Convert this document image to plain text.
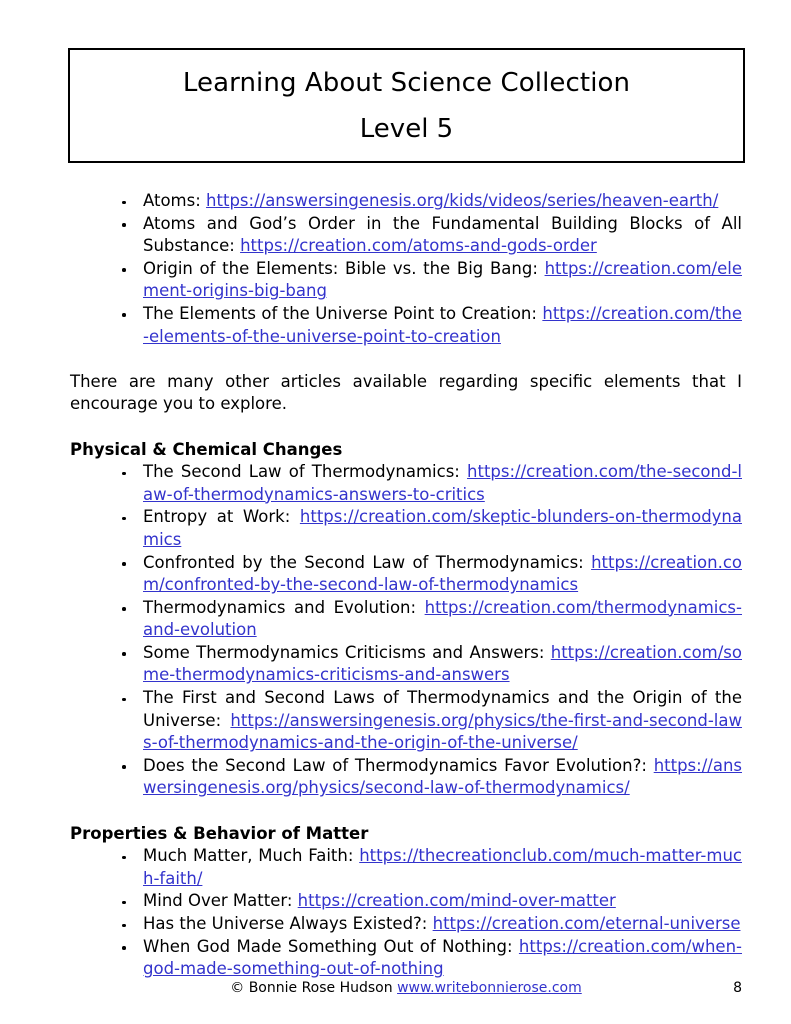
Learning About Science Collection
Level 5
Atoms: https://answersingenesis.org/kids/videos/series/heaven-earth/
Atoms and God’s Order in the Fundamental Building Blocks of All Substance: https://creation.com/atoms-and-gods-order
Origin of the Elements: Bible vs. the Big Bang: https://creation.com/element-origins-big-bang
The Elements of the Universe Point to Creation: https://creation.com/the-elements-of-the-universe-point-to-creation

There are many other articles available regarding specific elements that I encourage you to explore.

Physical & Chemical Changes
The Second Law of Thermodynamics: https://creation.com/the-second-law-of-thermodynamics-answers-to-critics
Entropy at Work: https://creation.com/skeptic-blunders-on-thermodynamics
Confronted by the Second Law of Thermodynamics: https://creation.com/confronted-by-the-second-law-of-thermodynamics
Thermodynamics and Evolution: https://creation.com/thermodynamics-and-evolution
Some Thermodynamics Criticisms and Answers: https://creation.com/some-thermodynamics-criticisms-and-answers
The First and Second Laws of Thermodynamics and the Origin of the Universe: https://answersingenesis.org/physics/the-first-and-second-laws-of-thermodynamics-and-the-origin-of-the-universe/
Does the Second Law of Thermodynamics Favor Evolution?: https://answersingenesis.org/physics/second-law-of-thermodynamics/
Properties & Behavior of Matter
Much Matter, Much Faith: https://thecreationclub.com/much-matter-much-faith/
Mind Over Matter: https://creation.com/mind-over-matter
Has the Universe Always Existed?: https://creation.com/eternal-universe
When God Made Something Out of Nothing: https://creation.com/when-god-made-something-out-of-nothing
© Bonnie Rose Hudson www.writebonnierose.com	8
